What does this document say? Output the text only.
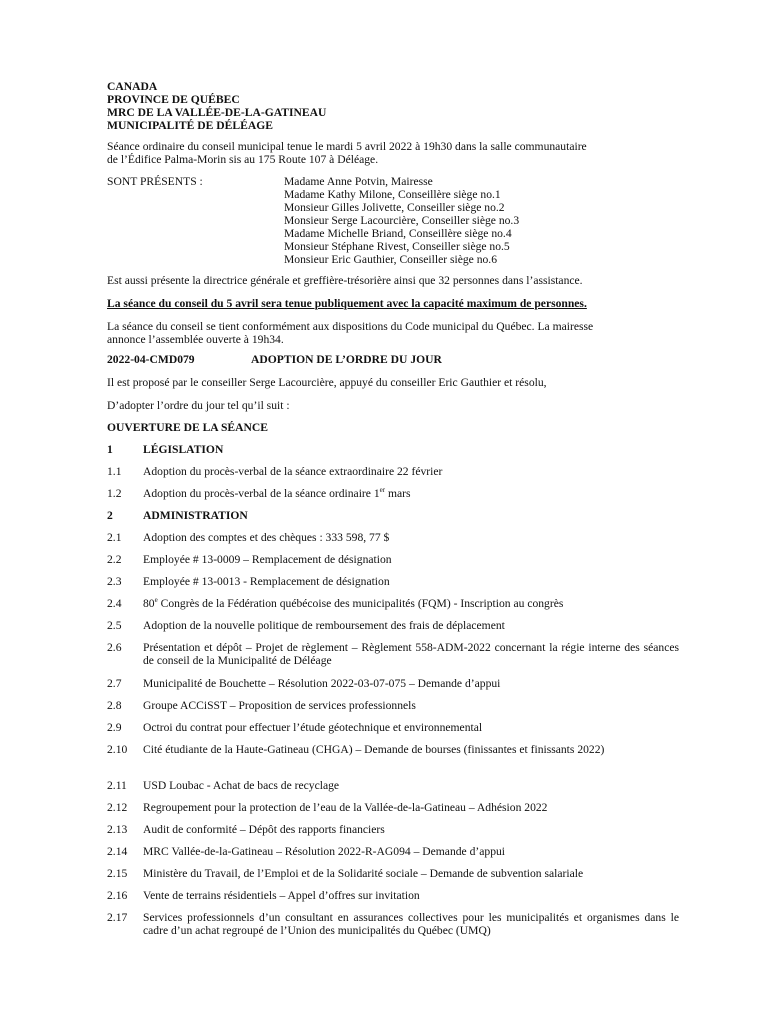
CANADA
PROVINCE DE QUÉBEC
MRC DE LA VALLÉE-DE-LA-GATINEAU
MUNICIPALITÉ DE DÉLÉAGE
Séance ordinaire du conseil municipal tenue le mardi 5 avril 2022 à 19h30 dans la salle communautaire
de l’Édifice Palma-Morin sis au 175 Route 107 à Déléage.
SONT PRÉSENTS :	Madame Anne Potvin, Mairesse
Madame Kathy Milone, Conseillère siège no.1
Monsieur Gilles Jolivette, Conseiller siège no.2
Monsieur Serge Lacourcière, Conseiller siège no.3
Madame Michelle Briand, Conseillère siège no.4
Monsieur Stéphane Rivest, Conseiller siège no.5
Monsieur Eric Gauthier, Conseiller siège no.6
Est aussi présente la directrice générale et greffière-trésorière ainsi que 32 personnes dans l’assistance.
La séance du conseil du 5 avril sera tenue publiquement avec la capacité maximum de personnes.
La séance du conseil se tient conformément aux dispositions du Code municipal du Québec. La mairesse
annonce l’assemblée ouverte à 19h34.
2022-04-CMD079	ADOPTION DE L’ORDRE DU JOUR
Il est proposé par le conseiller Serge Lacourcière, appuyé du conseiller Eric Gauthier et résolu,
D’adopter l’ordre du jour tel qu’il suit :
OUVERTURE DE LA SÉANCE
1	LÉGISLATION
1.1 Adoption du procès-verbal de la séance extraordinaire 22 février
1.2 Adoption du procès-verbal de la séance ordinaire 1er mars
2	ADMINISTRATION
2.1 Adoption des comptes et des chèques : 333 598, 77 $
2.2 Employée # 13-0009 – Remplacement de désignation
2.3 Employée # 13-0013 - Remplacement de désignation
2.4 80e Congrès de la Fédération québécoise des municipalités (FQM) - Inscription au congrès
2.5 Adoption de la nouvelle politique de remboursement des frais de déplacement
2.6 Présentation et dépôt – Projet de règlement – Règlement 558-ADM-2022 concernant la régie interne des séances de conseil de la Municipalité de Déléage
2.7 Municipalité de Bouchette – Résolution 2022-03-07-075 – Demande d’appui
2.8 Groupe ACCiSST – Proposition de services professionnels
2.9 Octroi du contrat pour effectuer l’étude géotechnique et environnemental
2.10 Cité étudiante de la Haute-Gatineau (CHGA) – Demande de bourses (finissantes et finissants 2022)
2.11 USD Loubac - Achat de bacs de recyclage
2.12 Regroupement pour la protection de l’eau de la Vallée-de-la-Gatineau – Adhésion 2022
2.13 Audit de conformité – Dépôt des rapports financiers
2.14 MRC Vallée-de-la-Gatineau – Résolution 2022-R-AG094 – Demande d’appui
2.15 Ministère du Travail, de l’Emploi et de la Solidarité sociale – Demande de subvention salariale
2.16 Vente de terrains résidentiels – Appel d’offres sur invitation
2.17 Services professionnels d’un consultant en assurances collectives pour les municipalités et organismes dans le cadre d’un achat regroupé de l’Union des municipalités du Québec (UMQ)
